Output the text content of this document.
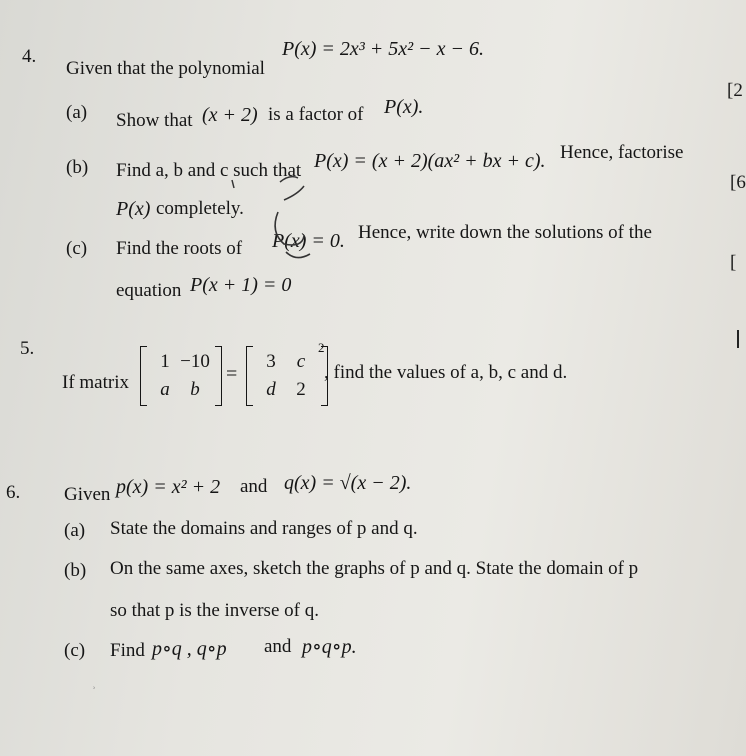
4.
Given that the polynomial
P(x) = 2x³ + 5x² − x − 6.
(a) Show that (x + 2) is a factor of P(x).
[2
(b) Find a, b and c such that P(x) = (x + 2)(ax² + bx + c). Hence, factorise
P(x) completely.
[6
(c) Find the roots of P(x) = 0. Hence, write down the solutions of the
equation P(x + 1) = 0
[
5.
If matrix
1 −10
a	b
=
3	c
d	2
2
, find the values of a, b, c and d.
6. Given p(x) = x² + 2 and q(x) = √(x − 2).
(a) State the domains and ranges of p and q.
(b) On the same axes, sketch the graphs of p and q. State the domain of p
so that p is the inverse of q.
(c) Find p∘q , q∘p and p∘q∘p.
ʾ
